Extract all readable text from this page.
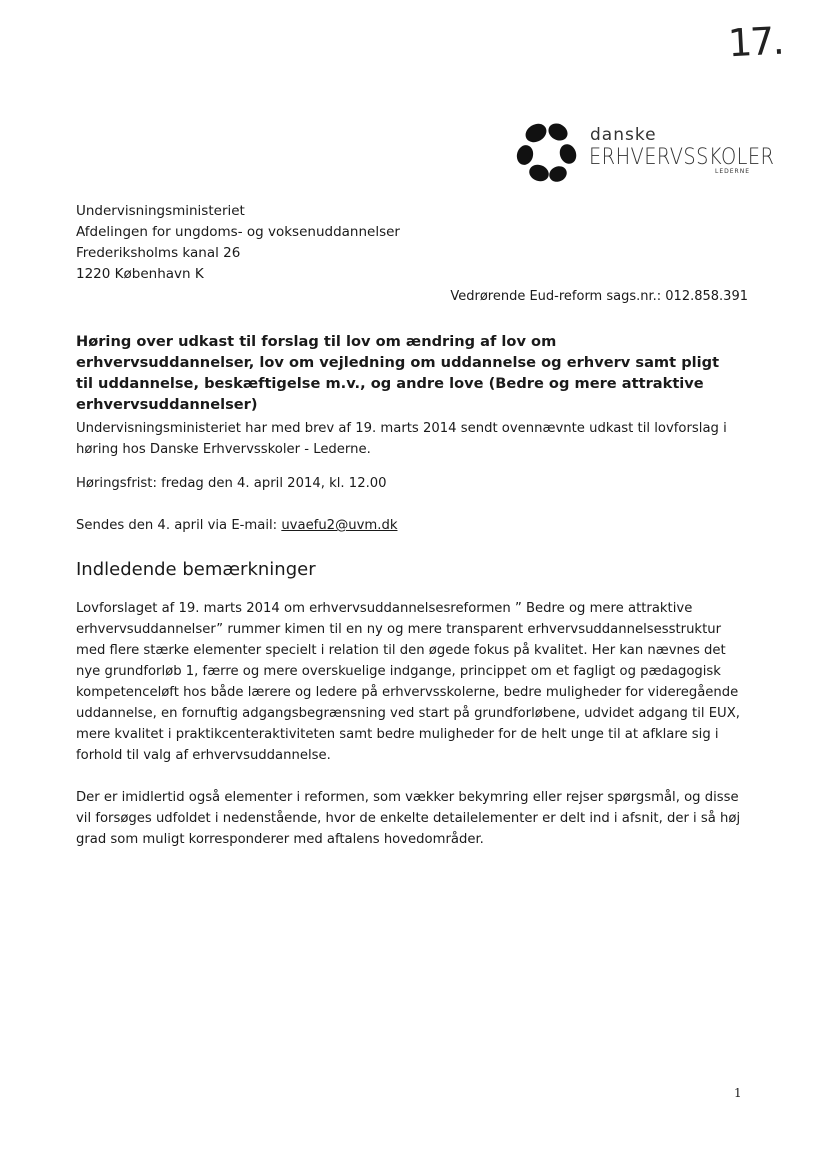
17.
danske
ERHVERVSSKOLER
LEDERNE
Undervisningsministeriet
Afdelingen for ungdoms- og voksenuddannelser
Frederiksholms kanal 26
1220 København K
Vedrørende Eud-reform sags.nr.: 012.858.391
Høring over udkast til forslag til lov om ændring af lov om erhvervsuddannelser, lov om vejledning om uddannelse og erhverv samt pligt til uddannelse, beskæftigelse m.v., og andre love (Bedre og mere attraktive erhvervsuddannelser)
Undervisningsministeriet har med brev af 19. marts 2014 sendt ovennævnte udkast til lovforslag i høring hos Danske Erhvervsskoler - Lederne.
Høringsfrist: fredag den 4. april 2014, kl. 12.00
Sendes den 4. april via E-mail: uvaefu2@uvm.dk
Indledende bemærkninger
Lovforslaget af 19. marts 2014 om erhvervsuddannelsesreformen ” Bedre og mere attraktive erhvervsuddannelser” rummer kimen til en ny og mere transparent erhvervsuddannelsesstruktur med flere stærke elementer specielt i relation til den øgede fokus på kvalitet. Her kan nævnes det nye grundforløb 1, færre og mere overskuelige indgange, princippet om et fagligt og pædagogisk kompetenceløft hos både lærere og ledere på erhvervsskolerne, bedre muligheder for videregående uddannelse, en fornuftig adgangsbegrænsning ved start på grundforløbene, udvidet adgang til EUX, mere kvalitet i praktikcenteraktiviteten samt bedre muligheder for de helt unge til at afklare sig i forhold til valg af erhvervsuddannelse.
Der er imidlertid også elementer i reformen, som vækker bekymring eller rejser spørgsmål, og disse vil forsøges udfoldet i nedenstående, hvor de enkelte detailelementer er delt ind i afsnit, der i så høj grad som muligt korresponderer med aftalens hovedområder.
1
